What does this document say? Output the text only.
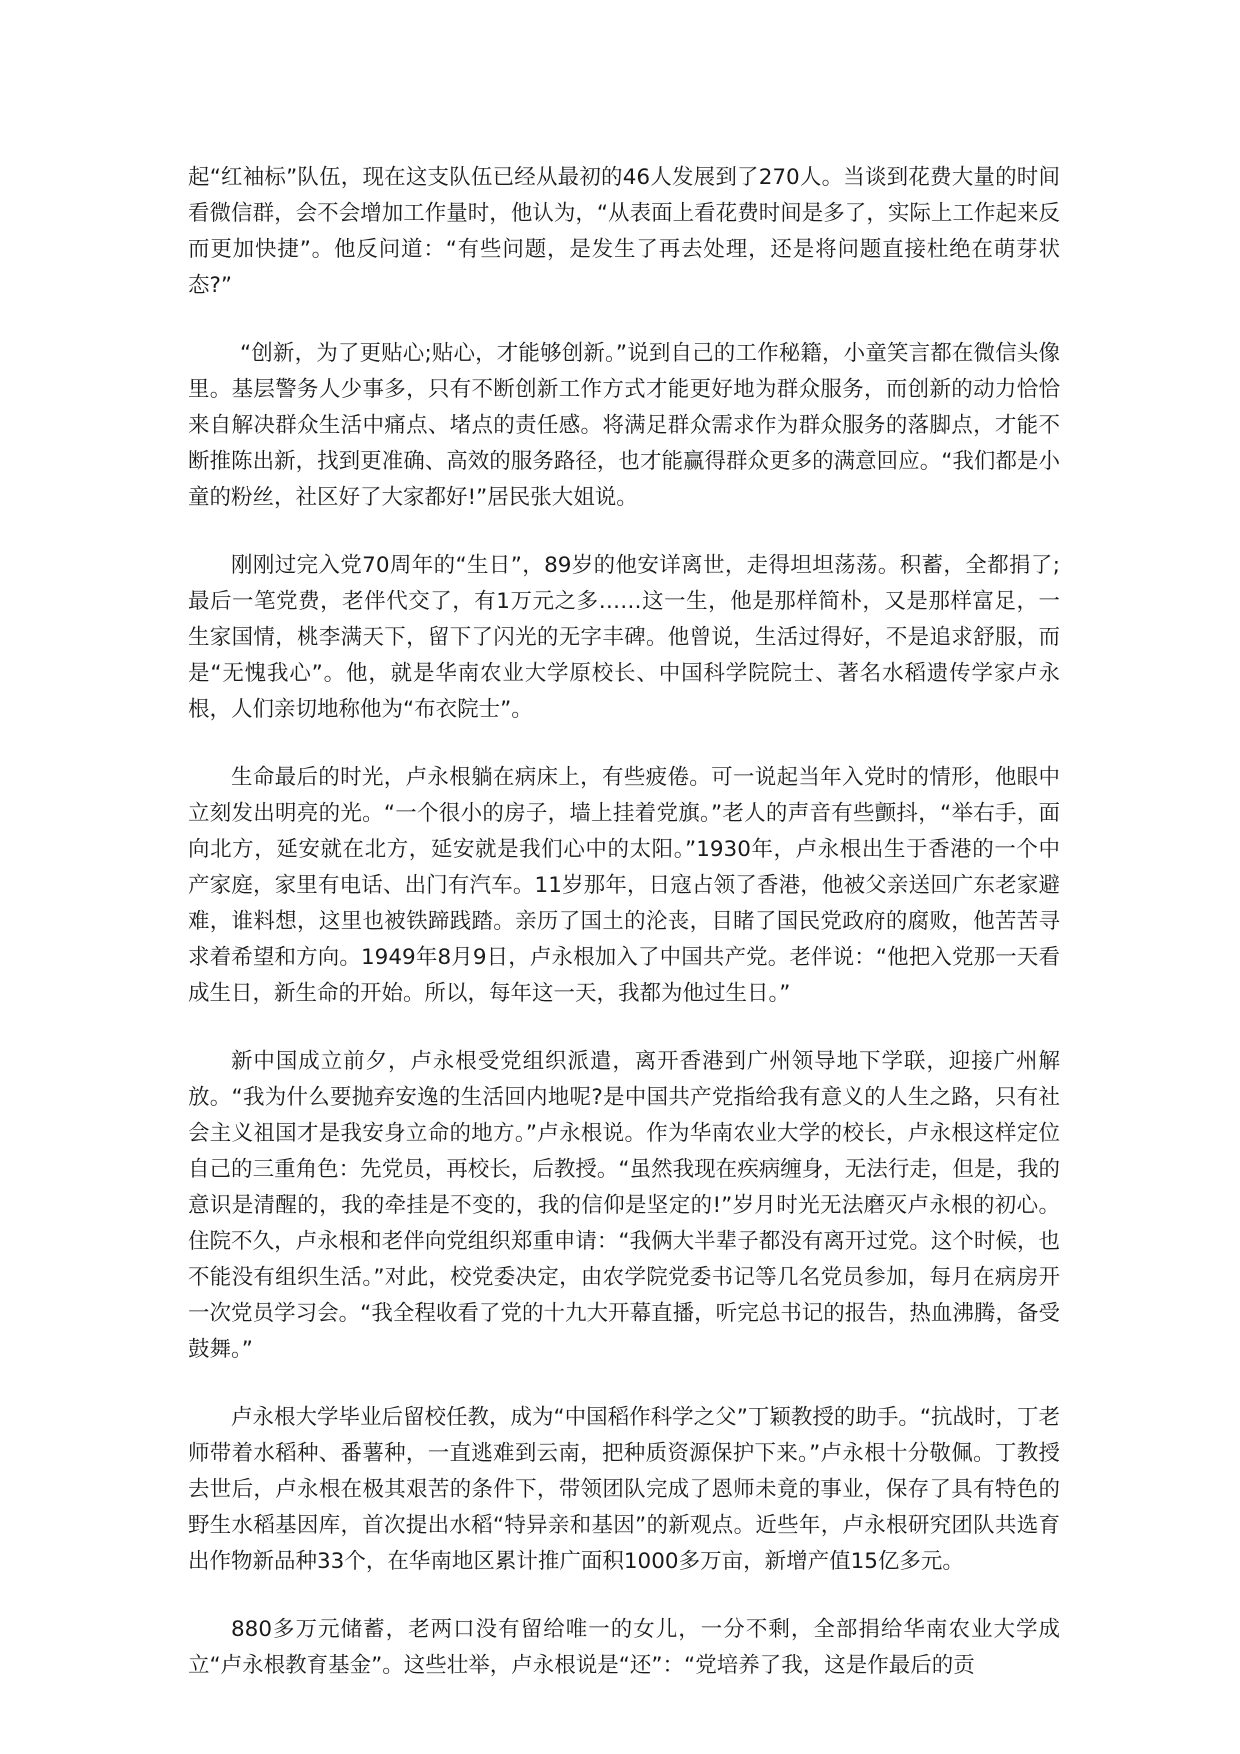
起“红袖标”队伍，现在这支队伍已经从最初的46人发展到了270人。当谈到花费大量的时间看微信群，会不会增加工作量时，他认为，“从表面上看花费时间是多了，实际上工作起来反而更加快捷”。他反问道：“有些问题，是发生了再去处理，还是将问题直接杜绝在萌芽状态?”

“创新，为了更贴心;贴心，才能够创新。”说到自己的工作秘籍，小童笑言都在微信头像里。基层警务人少事多，只有不断创新工作方式才能更好地为群众服务，而创新的动力恰恰来自解决群众生活中痛点、堵点的责任感。将满足群众需求作为群众服务的落脚点，才能不断推陈出新，找到更准确、高效的服务路径，也才能赢得群众更多的满意回应。“我们都是小童的粉丝，社区好了大家都好!”居民张大姐说。

刚刚过完入党70周年的“生日”，89岁的他安详离世，走得坦坦荡荡。积蓄，全都捐了;最后一笔党费，老伴代交了，有1万元之多……这一生，他是那样简朴，又是那样富足，一生家国情，桃李满天下，留下了闪光的无字丰碑。他曾说，生活过得好，不是追求舒服，而是“无愧我心”。他，就是华南农业大学原校长、中国科学院院士、著名水稻遗传学家卢永根，人们亲切地称他为“布衣院士”。

生命最后的时光，卢永根躺在病床上，有些疲倦。可一说起当年入党时的情形，他眼中立刻发出明亮的光。“一个很小的房子，墙上挂着党旗。”老人的声音有些颤抖，“举右手，面向北方，延安就在北方，延安就是我们心中的太阳。”1930年，卢永根出生于香港的一个中产家庭，家里有电话、出门有汽车。11岁那年，日寇占领了香港，他被父亲送回广东老家避难，谁料想，这里也被铁蹄践踏。亲历了国土的沦丧，目睹了国民党政府的腐败，他苦苦寻求着希望和方向。1949年8月9日，卢永根加入了中国共产党。老伴说：“他把入党那一天看成生日，新生命的开始。所以，每年这一天，我都为他过生日。”

新中国成立前夕，卢永根受党组织派遣，离开香港到广州领导地下学联，迎接广州解放。“我为什么要抛弃安逸的生活回内地呢?是中国共产党指给我有意义的人生之路，只有社会主义祖国才是我安身立命的地方。”卢永根说。作为华南农业大学的校长，卢永根这样定位自己的三重角色：先党员，再校长，后教授。“虽然我现在疾病缠身，无法行走，但是，我的意识是清醒的，我的牵挂是不变的，我的信仰是坚定的!”岁月时光无法磨灭卢永根的初心。住院不久，卢永根和老伴向党组织郑重申请：“我俩大半辈子都没有离开过党。这个时候，也不能没有组织生活。”对此，校党委决定，由农学院党委书记等几名党员参加，每月在病房开一次党员学习会。“我全程收看了党的十九大开幕直播，听完总书记的报告，热血沸腾，备受鼓舞。”

卢永根大学毕业后留校任教，成为“中国稻作科学之父”丁颖教授的助手。“抗战时，丁老师带着水稻种、番薯种，一直逃难到云南，把种质资源保护下来。”卢永根十分敬佩。丁教授去世后，卢永根在极其艰苦的条件下，带领团队完成了恩师未竟的事业，保存了具有特色的野生水稻基因库，首次提出水稻“特异亲和基因”的新观点。近些年，卢永根研究团队共选育出作物新品种33个，在华南地区累计推广面积1000多万亩，新增产值15亿多元。

880多万元储蓄，老两口没有留给唯一的女儿，一分不剩，全部捐给华南农业大学成立“卢永根教育基金”。这些壮举，卢永根说是“还”：“党培养了我，这是作最后的贡
